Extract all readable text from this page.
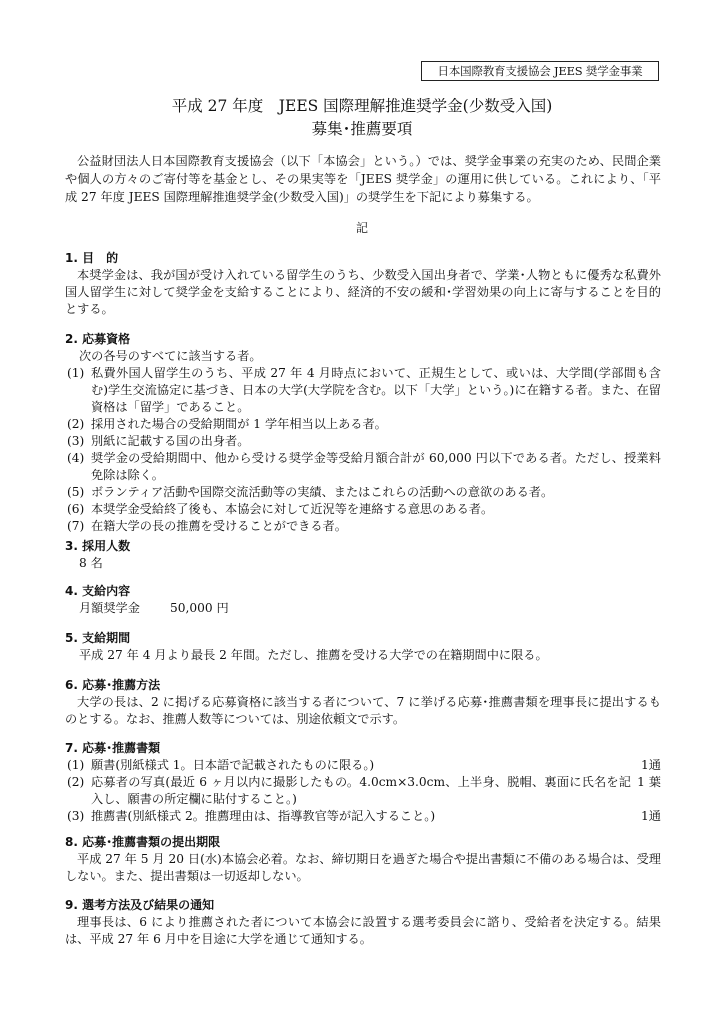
日本国際教育支援協会 JEES 奨学金事業
平成 27 年度　JEES 国際理解推進奨学金(少数受入国)
募集･推薦要項
公益財団法人日本国際教育支援協会（以下「本協会」という。）では、奨学金事業の充実のため、民間企業や個人の方々のご寄付等を基金とし、その果実等を「JEES 奨学金」の運用に供している。これにより、「平成 27 年度 JEES 国際理解推進奨学金(少数受入国)」の奨学生を下記により募集する。
記
1. 目　的
本奨学金は、我が国が受け入れている留学生のうち、少数受入国出身者で、学業･人物ともに優秀な私費外国人留学生に対して奨学金を支給することにより、経済的不安の緩和･学習効果の向上に寄与することを目的とする。
2. 応募資格
次の各号のすべてに該当する者。
(1) 私費外国人留学生のうち、平成 27 年 4 月時点において、正規生として、或いは、大学間(学部間も含む)学生交流協定に基づき、日本の大学(大学院を含む。以下「大学」という。)に在籍する者。また、在留資格は「留学」であること。
(2) 採用された場合の受給期間が 1 学年相当以上ある者。
(3) 別紙に記載する国の出身者。
(4) 奨学金の受給期間中、他から受ける奨学金等受給月額合計が 60,000 円以下である者。ただし、授業料免除は除く。
(5) ボランティア活動や国際交流活動等の実績、またはこれらの活動への意欲のある者。
(6) 本奨学金受給終了後も、本協会に対して近況等を連絡する意思のある者。
(7) 在籍大学の長の推薦を受けることができる者。
3. 採用人数
8 名
4. 支給内容
月額奨学金 50,000 円
5. 支給期間
平成 27 年 4 月より最長 2 年間。ただし、推薦を受ける大学での在籍期間中に限る。
6. 応募･推薦方法
大学の長は、2 に掲げる応募資格に該当する者について、7 に挙げる応募･推薦書類を理事長に提出するものとする。なお、推薦人数等については、別途依頼文で示す。
7. 応募･推薦書類
(1) 願書(別紙様式 1。日本語で記載されたものに限る。)	1通
(2) 応募者の写真(最近 6 ヶ月以内に撮影したもの。4.0cm×3.0cm、上半身、脱帽、裏面に氏名を記入し、願書の所定欄に貼付すること。)
1 葉
(3) 推薦書(別紙様式 2。推薦理由は、指導教官等が記入すること。)	1通
8. 応募･推薦書類の提出期限
平成 27 年 5 月 20 日(水)本協会必着。なお、締切期日を過ぎた場合や提出書類に不備のある場合は、受理しない。また、提出書類は一切返却しない。
9. 選考方法及び結果の通知
理事長は、6 により推薦された者について本協会に設置する選考委員会に諮り、受給者を決定する。結果は、平成 27 年 6 月中を目途に大学を通じて通知する。
